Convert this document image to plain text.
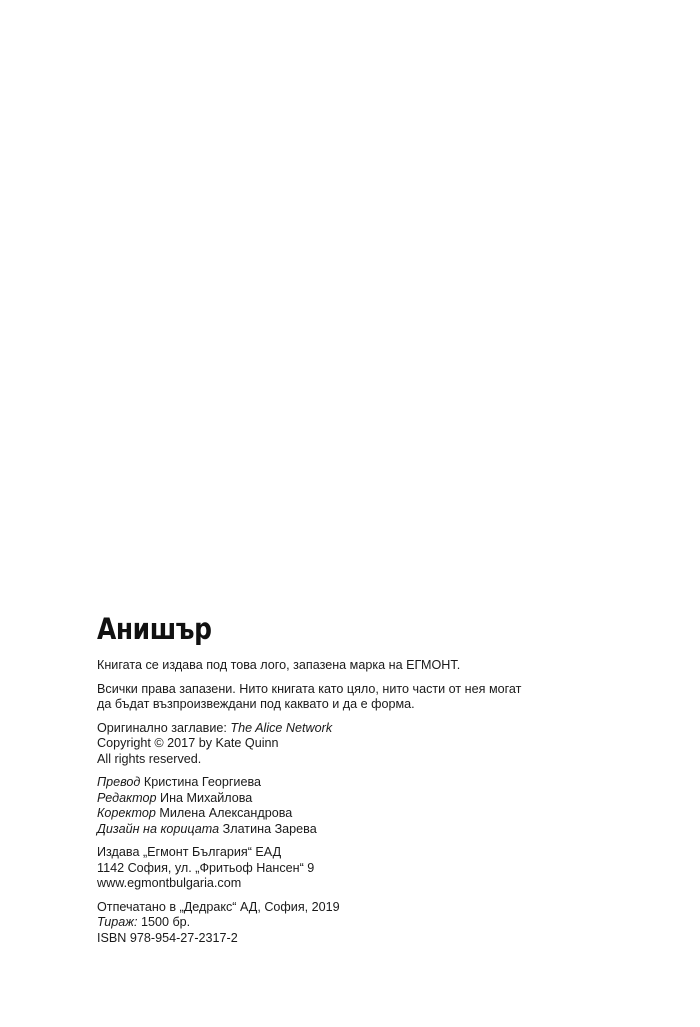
Анишър
Книгата се издава под това лого, запазена марка на ЕГМОНТ.
Всички права запазени. Нито книгата като цяло, нито части от нея могат
да бъдат възпроизвеждани под каквато и да е форма.
Оригинално заглавие: The Alice Network
Copyright © 2017 by Kate Quinn
All rights reserved.
Превод Кристина Георгиева
Редактор Ина Михайлова
Коректор Милена Александрова
Дизайн на корицата Златина Зарева
Издава „Егмонт България“ ЕАД
1142 София, ул. „Фритьоф Нансен“ 9
www.egmontbulgaria.com
Отпечатано в „Дедракс“ АД, София, 2019
Тираж: 1500 бр.
ISBN 978-954-27-2317-2
